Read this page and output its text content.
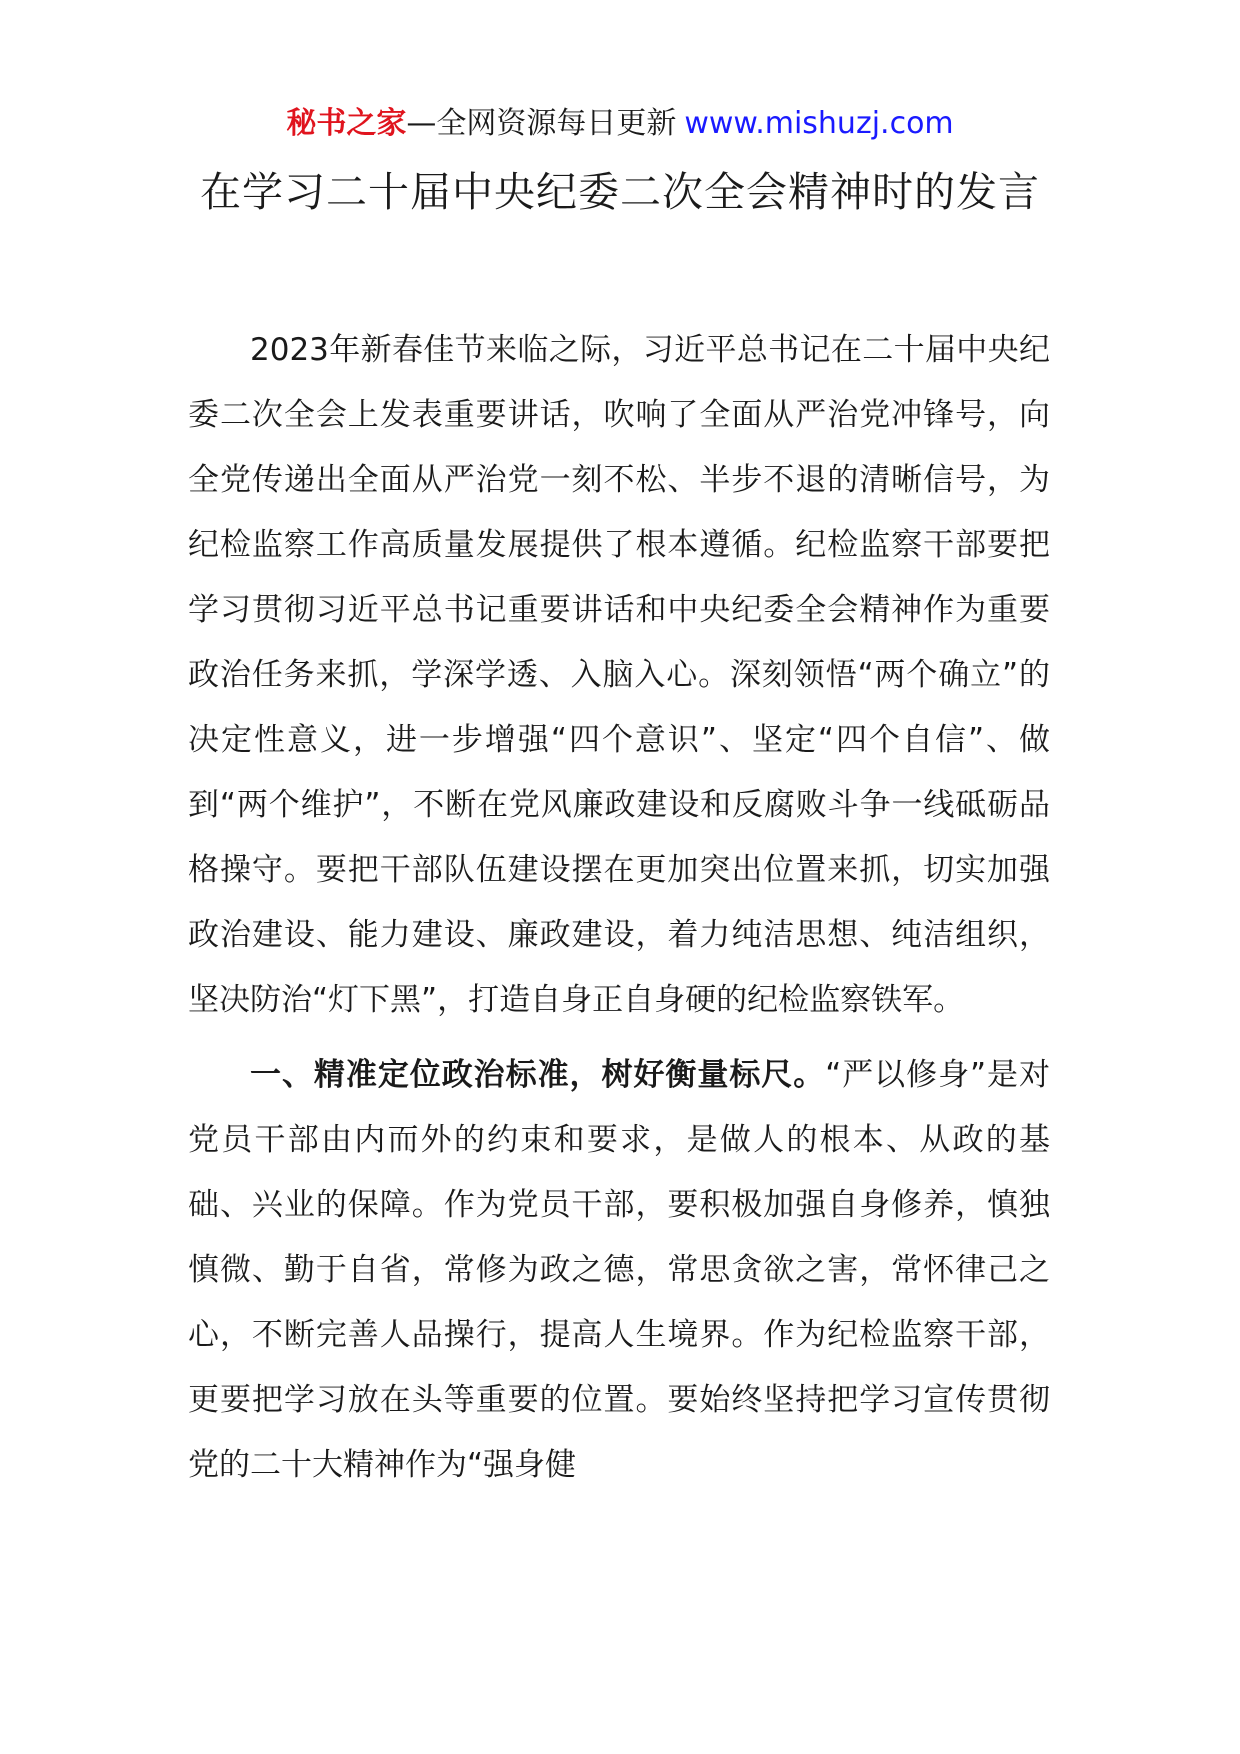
秘书之家—全网资源每日更新 www.mishuzj.com
在学习二十届中央纪委二次全会精神时的发言

2023年新春佳节来临之际，习近平总书记在二十届中央纪委二次全会上发表重要讲话，吹响了全面从严治党冲锋号，向全党传递出全面从严治党一刻不松、半步不退的清晰信号，为纪检监察工作高质量发展提供了根本遵循。纪检监察干部要把学习贯彻习近平总书记重要讲话和中央纪委全会精神作为重要政治任务来抓，学深学透、入脑入心。深刻领悟“两个确立”的决定性意义，进一步增强“四个意识”、坚定“四个自信”、做到“两个维护”，不断在党风廉政建设和反腐败斗争一线砥砺品格操守。要把干部队伍建设摆在更加突出位置来抓，切实加强政治建设、能力建设、廉政建设，着力纯洁思想、纯洁组织，坚决防治“灯下黑”，打造自身正自身硬的纪检监察铁军。

一、精准定位政治标准，树好衡量标尺。“严以修身”是对党员干部由内而外的约束和要求，是做人的根本、从政的基础、兴业的保障。作为党员干部，要积极加强自身修养，慎独慎微、勤于自省，常修为政之德，常思贪欲之害，常怀律己之心，不断完善人品操行，提高人生境界。作为纪检监察干部，更要把学习放在头等重要的位置。要始终坚持把学习宣传贯彻党的二十大精神作为“强身健
